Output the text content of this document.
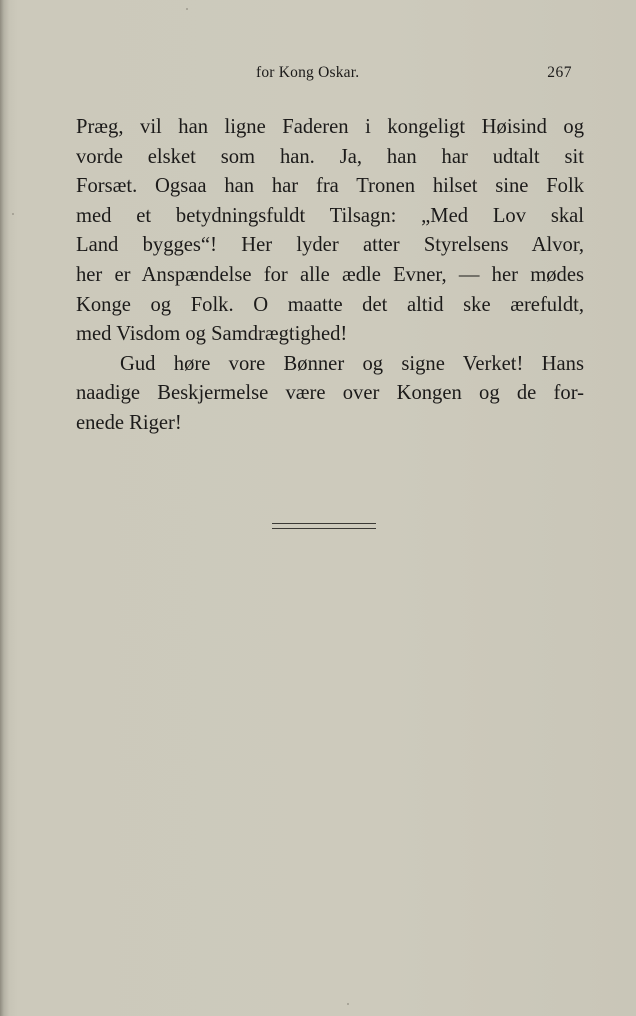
for Kong Oskar.	267
Præg, vil han ligne Faderen i kongeligt Høisind og
vorde elsket som han. Ja, han har udtalt sit
Forsæt. Ogsaa han har fra Tronen hilset sine Folk
med et betydningsfuldt Tilsagn: „Med Lov skal
Land bygges“! Her lyder atter Styrelsens Alvor,
her er Anspændelse for alle ædle Evner, — her mødes
Konge og Folk. O maatte det altid ske ærefuldt,
med Visdom og Samdrægtighed!
Gud høre vore Bønner og signe Verket! Hans
naadige Beskjermelse være over Kongen og de for-
enede Riger!
